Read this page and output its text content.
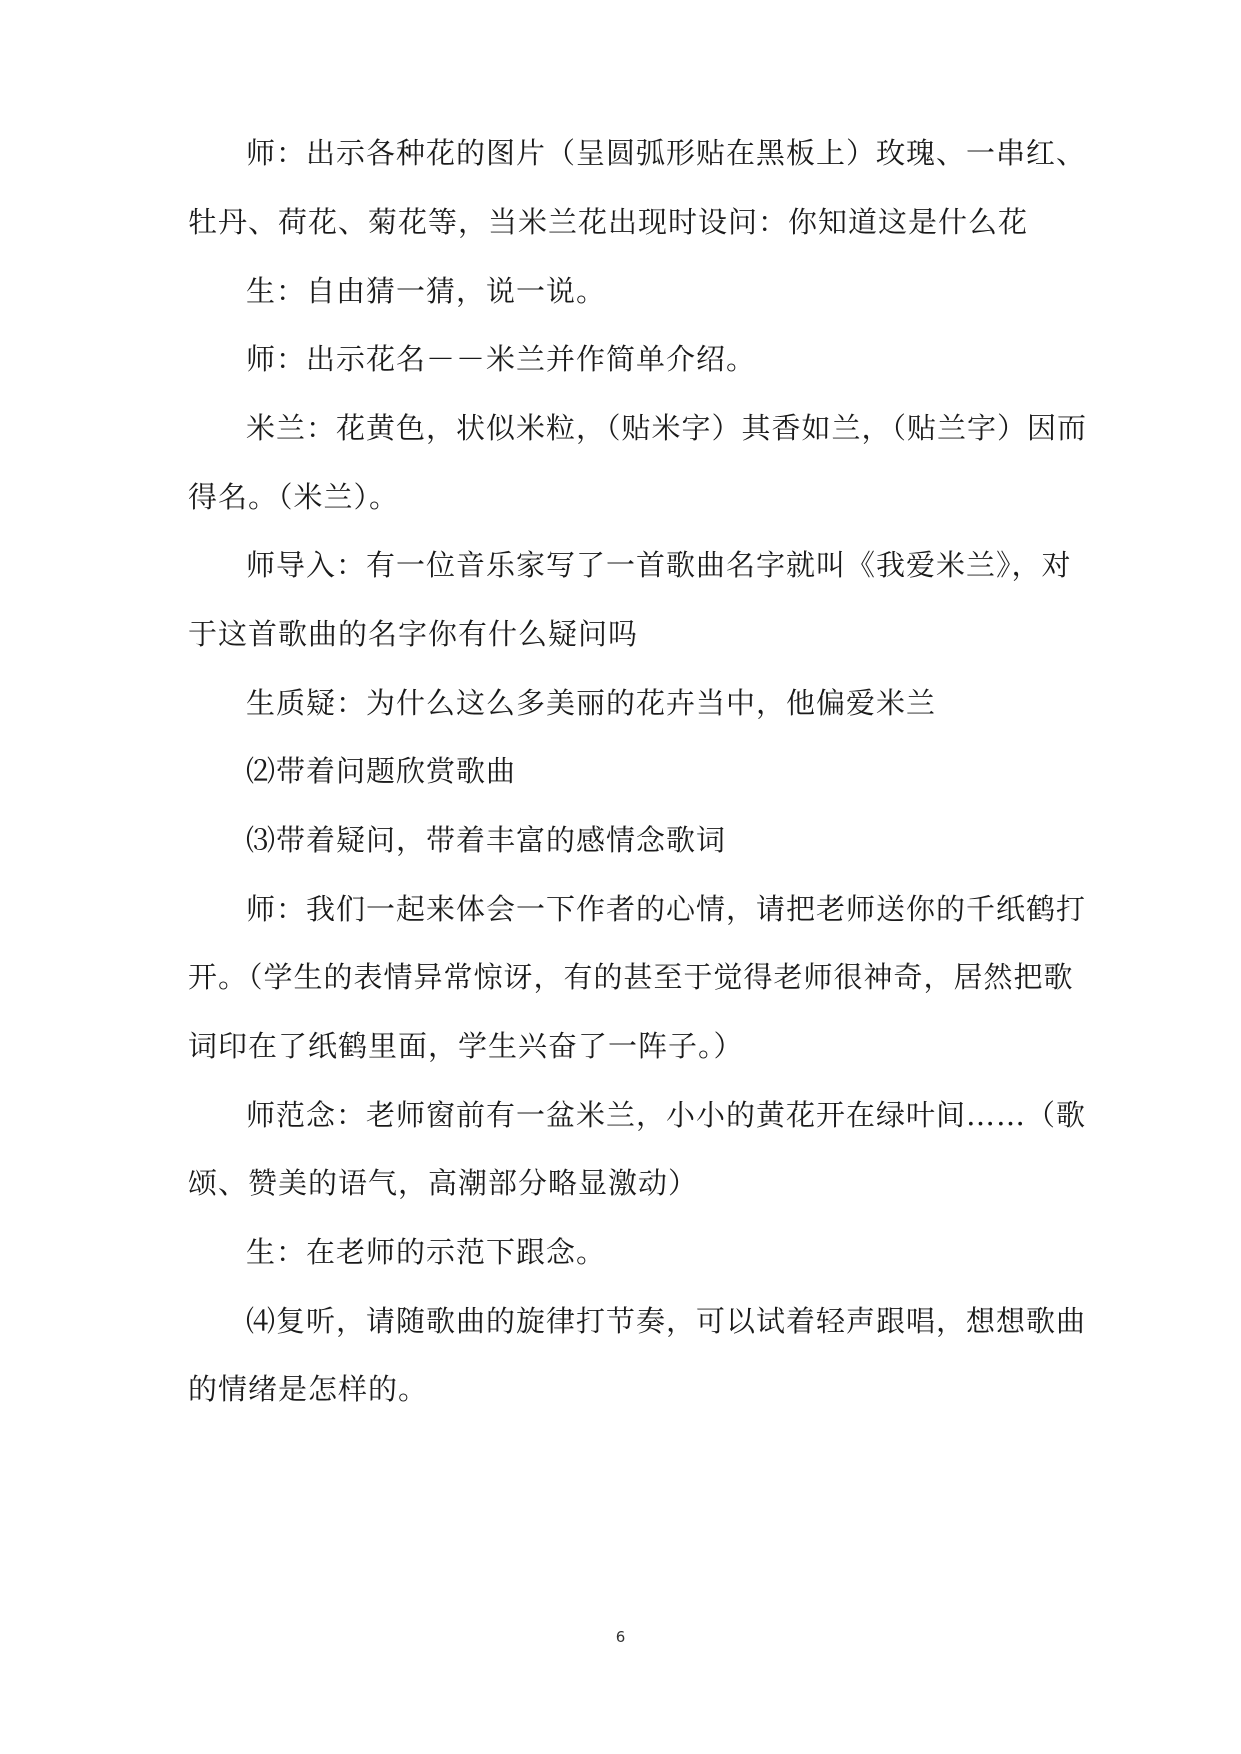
师：出示各种花的图片（呈圆弧形贴在黑板上）玫瑰、一串红、
牡丹、荷花、菊花等，当米兰花出现时设问：你知道这是什么花
生：自由猜一猜，说一说。
师：出示花名－－米兰并作简单介绍。
米兰：花黄色，状似米粒，（贴米字）其香如兰，（贴兰字）因而
得名。（米兰）。
师导入：有一位音乐家写了一首歌曲名字就叫《我爱米兰》，对
于这首歌曲的名字你有什么疑问吗
生质疑：为什么这么多美丽的花卉当中，他偏爱米兰
⑵带着问题欣赏歌曲
⑶带着疑问，带着丰富的感情念歌词
师：我们一起来体会一下作者的心情，请把老师送你的千纸鹤打
开。（学生的表情异常惊讶，有的甚至于觉得老师很神奇，居然把歌
词印在了纸鹤里面，学生兴奋了一阵子。）
师范念：老师窗前有一盆米兰，小小的黄花开在绿叶间……（歌
颂、赞美的语气，高潮部分略显激动）
生：在老师的示范下跟念。
⑷复听，请随歌曲的旋律打节奏，可以试着轻声跟唱，想想歌曲
的情绪是怎样的。
6
